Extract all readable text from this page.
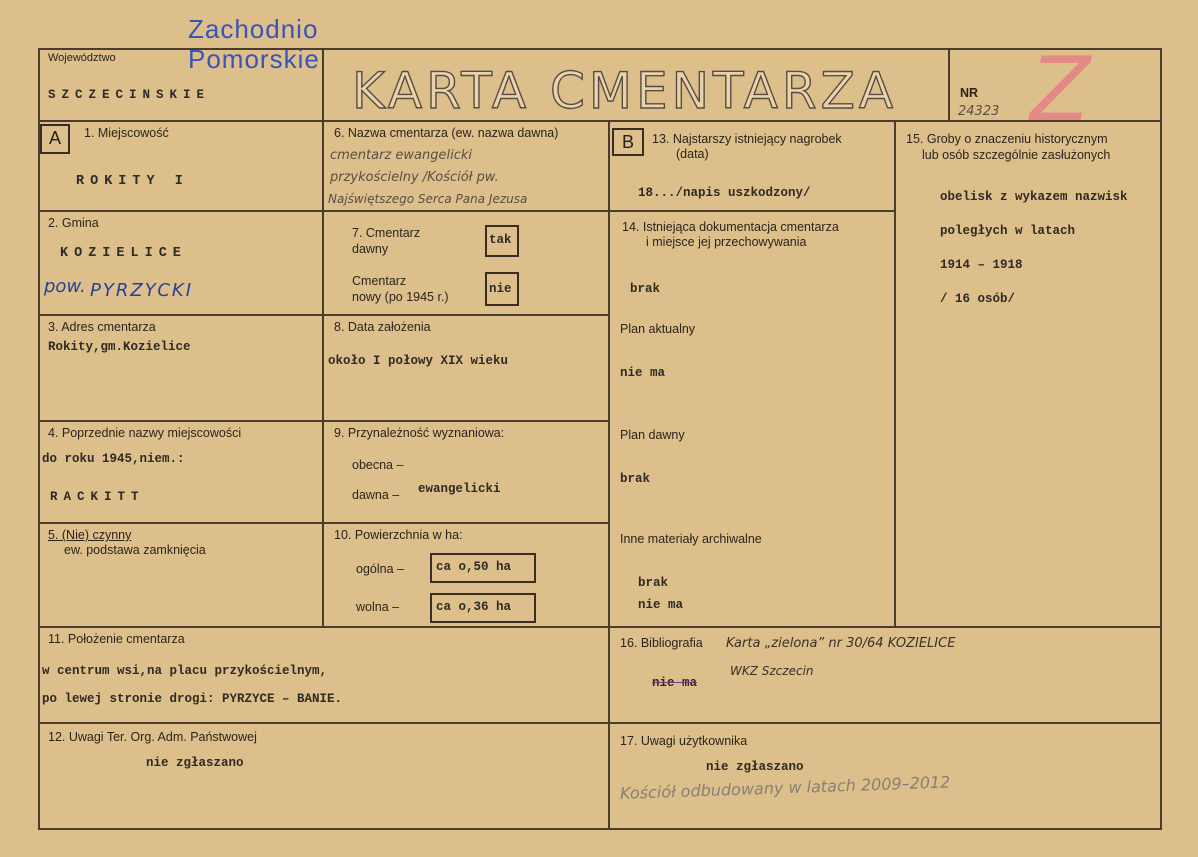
Zachodnio
Pomorskie
Województwo
SZCZECINSKIE	KARTA CMENTARZA	NR
24323 Z
A	B
1. Miejscowość
ROKITY I
2. Gmina
KOZIELICE
pow. PYRZYCKI
3. Adres cmentarza
Rokity,gm.Kozielice
4. Poprzednie nazwy miejscowości
do roku 1945,niem.:
RACKITT
5. (Nie) czynny
ew. podstawa zamknięcia
6. Nazwa cmentarza (ew. nazwa dawna)
cmentarz ewangelicki
przykościelny /Kościół pw.
Najświętszego Serca Pana Jezusa
7. Cmentarz
dawny
tak
Cmentarz
nowy (po 1945 r.)
nie
8. Data założenia
około I połowy XIX wieku
9. Przynależność wyznaniowa:
obecna –
dawna – ewangelicki
10. Powierzchnia w ha:
ogólna –	ca o,50 ha
wolna –	ca o,36 ha
11. Położenie cmentarza
w centrum wsi,na placu przykościelnym,
po lewej stronie drogi: PYRZYCE – BANIE.
12. Uwagi Ter. Org. Adm. Państwowej
nie zgłaszano
13. Najstarszy istniejący nagrobek
(data)
18.../napis uszkodzony/
14. Istniejąca dokumentacja cmentarza
i miejsce jej przechowywania
brak
Plan aktualny
nie ma
Plan dawny
brak
Inne materiały archiwalne
brak
nie ma
15. Groby o znaczeniu historycznym
lub osób szczególnie zasłużonych
obelisk z wykazem nazwisk
poległych w latach
1914 – 1918
/ 16 osób/
16. Bibliografia Karta „zielona” nr 30/64 KOZIELICE
WKZ Szczecin
nie ma
17. Uwagi użytkownika
nie zgłaszano
Kościół odbudowany w latach 2009–2012
